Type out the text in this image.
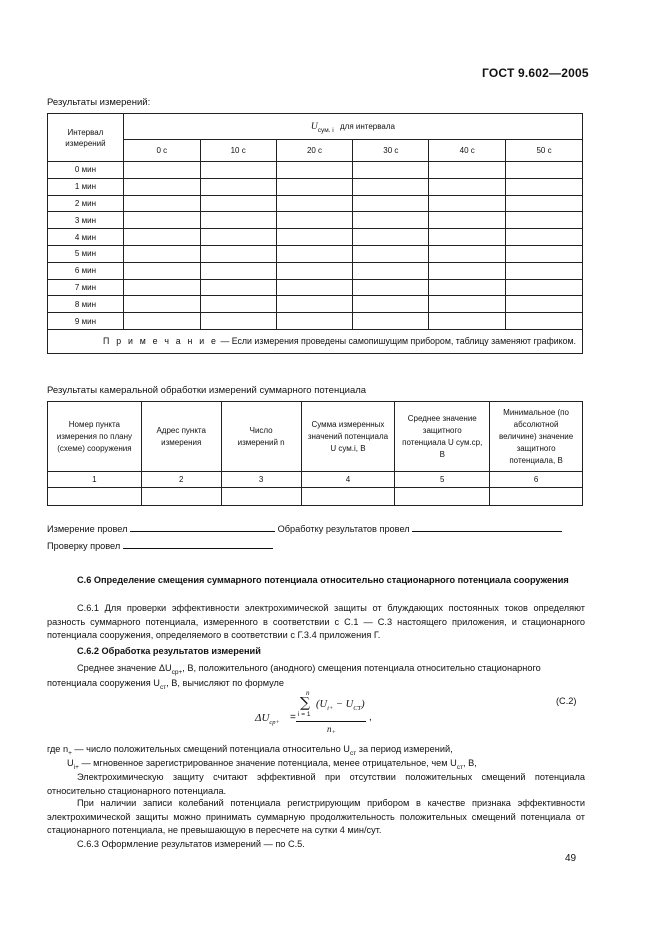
ГОСТ 9.602—2005
Результаты измерений:
Интервал измерений	$U_{сум. i}$ для интервала					
	0 с	10 с	20 с	30 с	40 с	50 с
0 мин						
1 мин						
2 мин						
3 мин						
4 мин						
5 мин						
6 мин						
7 мин						
8 мин						
9 мин						
П р и м е ч а н и е — Если измерения проведены самопишущим прибором, таблицу заменяют графиком.						
Результаты камеральной обработки измерений суммарного потенциала
Номер пункта измерения по плану (схеме) сооружения	Адрес пункта измерения	Число измерений n	Сумма измеренных значений потенциала U сум.i, В	Среднее значение защитного потенциала U сум.ср, В	Минимальное (по абсолютной величине) значение защитного потенциала, В
1	2	3	4	5	6

Измерение провел	Обработку результатов провел
Проверку провел
С.6 Определение смещения суммарного потенциала относительно стационарного потенциала сооружения
С.6.1 Для проверки эффективности электрохимической защиты от блуждающих постоянных токов определяют разность суммарного потенциала, измеренного в соответствии с С.1 — С.3 настоящего приложения, и стационарного потенциала сооружения, определяемого в соответствии с Г.3.4 приложения Г.
С.6.2 Обработка результатов измерений
Среднее значение $\Delta U_{ср+}$, В, положительного (анодного) смещения потенциала относительно стационарного потенциала сооружения $U_{ст}$, В, вычисляют по формуле
$\Delta U_{ср+}$ =
n
∑
i = 1
$(U_{i+} - U_{CT})$
$n_+$
,
(С.2)
где $n_+$ — число положительных смещений потенциала относительно $U_{ст}$ за период измерений,
$U_{i+}$ — мгновенное зарегистрированное значение потенциала, менее отрицательное, чем $U_{ст}$, В,
Электрохимическую защиту считают эффективной при отсутствии положительных смещений потенциала относительно стационарного потенциала.
При наличии записи колебаний потенциала регистрирующим прибором в качестве признака эффективности электрохимической защиты можно принимать суммарную продолжительность положительных смещений потенциала от стационарного потенциала, не превышающую в пересчете на сутки 4 мин/сут.
С.6.3 Оформление результатов измерений — по С.5.
49
